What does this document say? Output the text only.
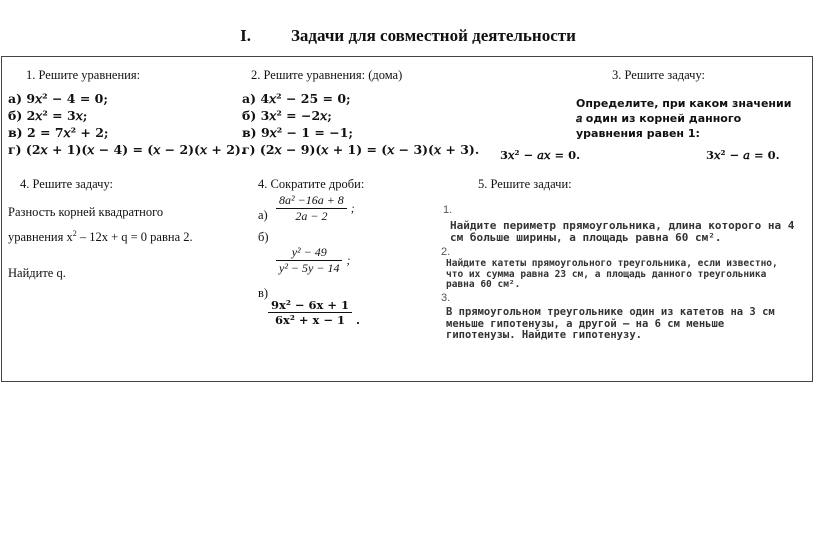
I. Задачи для совместной деятельности
1. Решите уравнения:
а) 9𝑥² − 4 = 0;
б) 2𝑥² = 3𝑥;
в) 2 = 7𝑥² + 2;
г) (2𝑥 + 1)(𝑥 − 4) = (𝑥 − 2)(𝑥 + 2).
2. Решите уравнения: (дома)
а) 4𝑥² − 25 = 0;
б) 3𝑥² = −2𝑥;
в) 9𝑥² − 1 = −1;
г) (2𝑥 − 9)(𝑥 + 1) = (𝑥 − 3)(𝑥 + 3).
3. Решите задачу:
Определите, при каком значении 𝑎 один из корней данного уравнения равен 1:
3𝑥² − 𝑎𝑥 = 0.	3𝑥² − 𝑎 = 0.
4. Решите задачу:
Разность корней квадратного
уравнения $x^2 - 12x + q = 0$ равна 2.
Найдите q.
4. Сократите дроби:
$а) \frac{\text{8a² −16a + 8}}{2a - 2}$ ;
б)
$\frac{\text{y² − 49}}{\text{y² − 5y − 14}}$ ;
в)
$\frac{\text{9x² − 6x + 1}}{\text{6x² + x − 1}}$ .
5. Решите задачи:
1.
Найдите периметр прямоугольника, длина которого на 4 см больше ширины, а площадь равна 60 см².
2.
Найдите катеты прямоугольного треугольника, если известно, что их сумма равна 23 см, а площадь данного треугольника равна 60 см².
3.
В прямоугольном треугольнике один из катетов на 3 см меньше гипотенузы, а другой — на 6 см меньше гипотенузы. Найдите гипотенузу.
